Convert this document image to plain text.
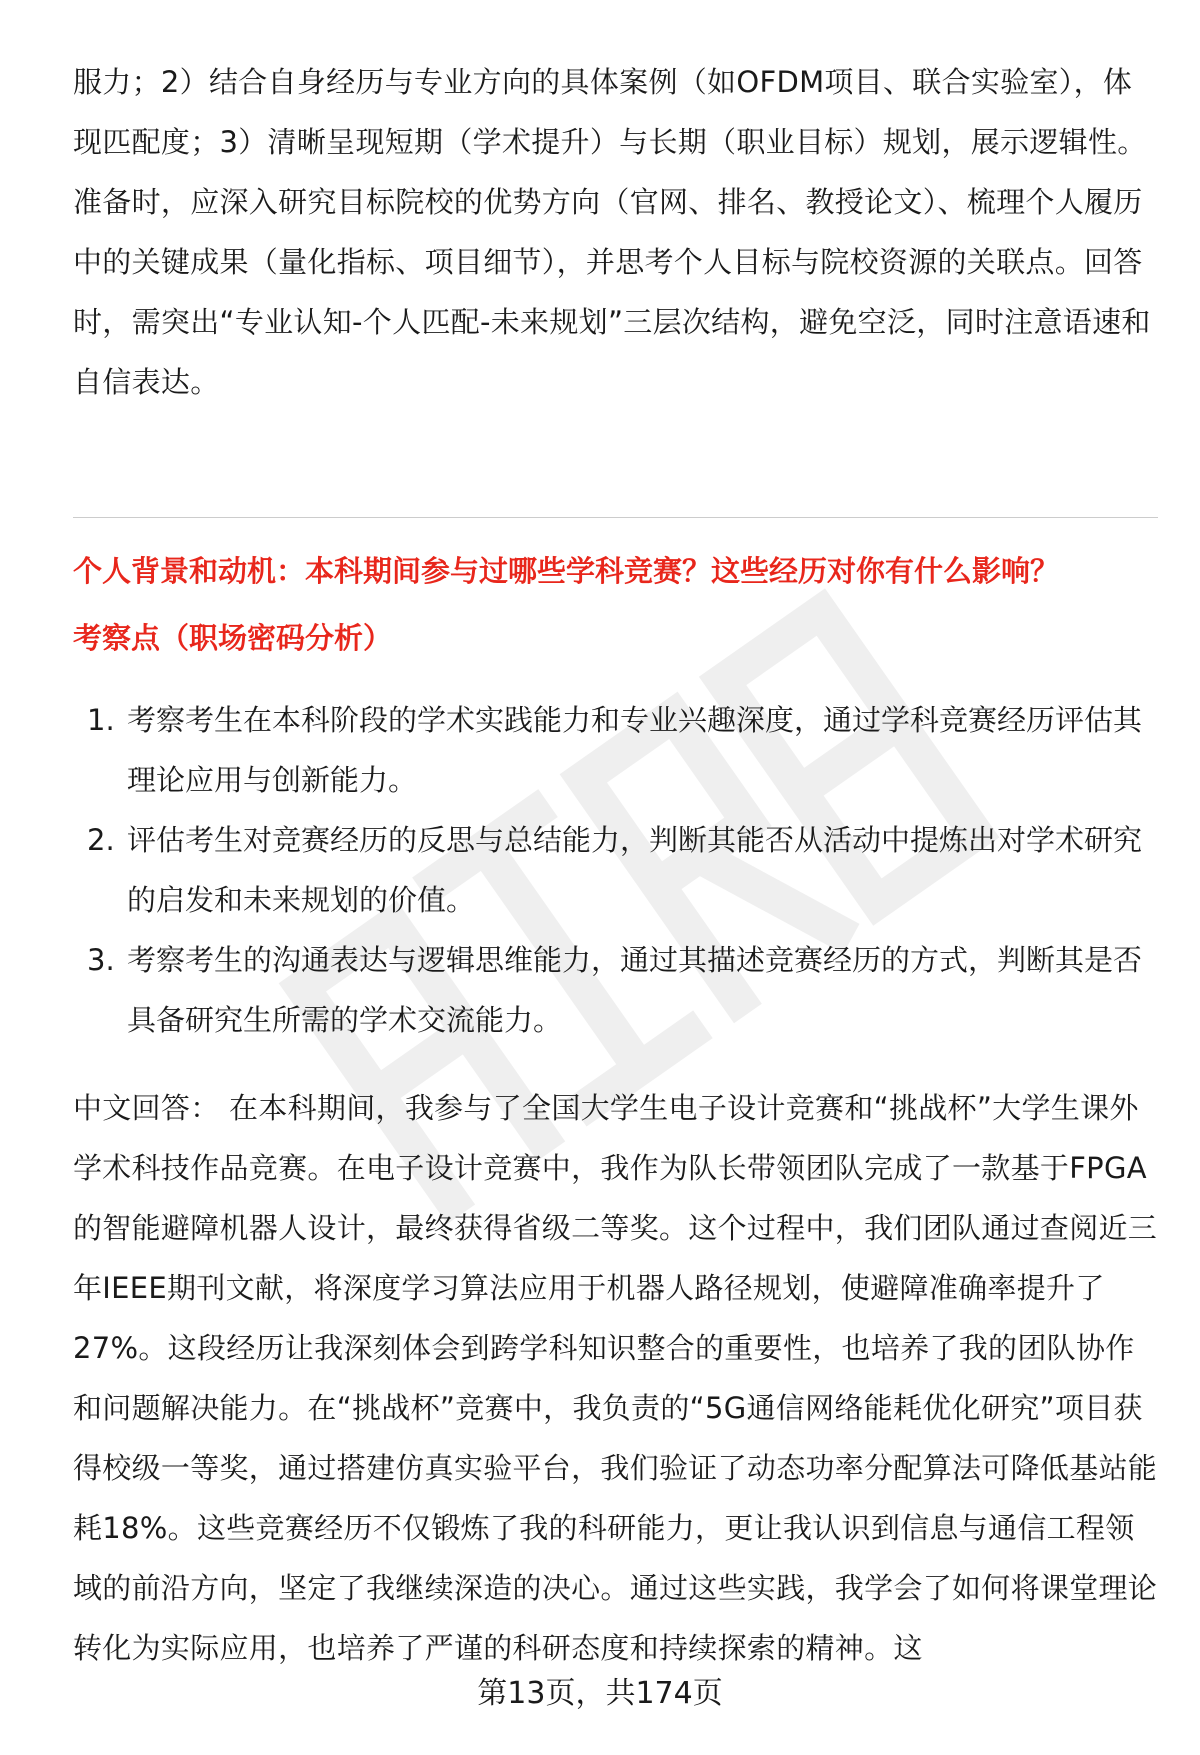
服力；2）结合自身经历与专业方向的具体案例（如OFDM项目、联合实验室），体现匹配度；3）清晰呈现短期（学术提升）与长期（职业目标）规划，展示逻辑性。

准备时，应深入研究目标院校的优势方向（官网、排名、教授论文）、梳理个人履历中的关键成果（量化指标、项目细节），并思考个人目标与院校资源的关联点。回答时，需突出“专业认知-个人匹配-未来规划”三层次结构，避免空泛，同时注意语速和自信表达。

个人背景和动机：本科期间参与过哪些学科竞赛？这些经历对你有什么影响？
考察点（职场密码分析）
1. 考察考生在本科阶段的学术实践能力和专业兴趣深度，通过学科竞赛经历评估其理论应用与创新能力。
2. 评估考生对竞赛经历的反思与总结能力，判断其能否从活动中提炼出对学术研究的启发和未来规划的价值。
3. 考察考生的沟通表达与逻辑思维能力，通过其描述竞赛经历的方式，判断其是否具备研究生所需的学术交流能力。

中文回答： 在本科期间，我参与了全国大学生电子设计竞赛和“挑战杯”大学生课外学术科技作品竞赛。在电子设计竞赛中，我作为队长带领团队完成了一款基于FPGA的智能避障机器人设计，最终获得省级二等奖。这个过程中，我们团队通过查阅近三年IEEE期刊文献，将深度学习算法应用于机器人路径规划，使避障准确率提升了27%。这段经历让我深刻体会到跨学科知识整合的重要性，也培养了我的团队协作和问题解决能力。在“挑战杯”竞赛中，我负责的“5G通信网络能耗优化研究”项目获得校级一等奖，通过搭建仿真实验平台，我们验证了动态功率分配算法可降低基站能耗18%。这些竞赛经历不仅锻炼了我的科研能力，更让我认识到信息与通信工程领域的前沿方向，坚定了我继续深造的决心。通过这些实践，我学会了如何将课堂理论转化为实际应用，也培养了严谨的科研态度和持续探索的精神。这

第13页，共174页
